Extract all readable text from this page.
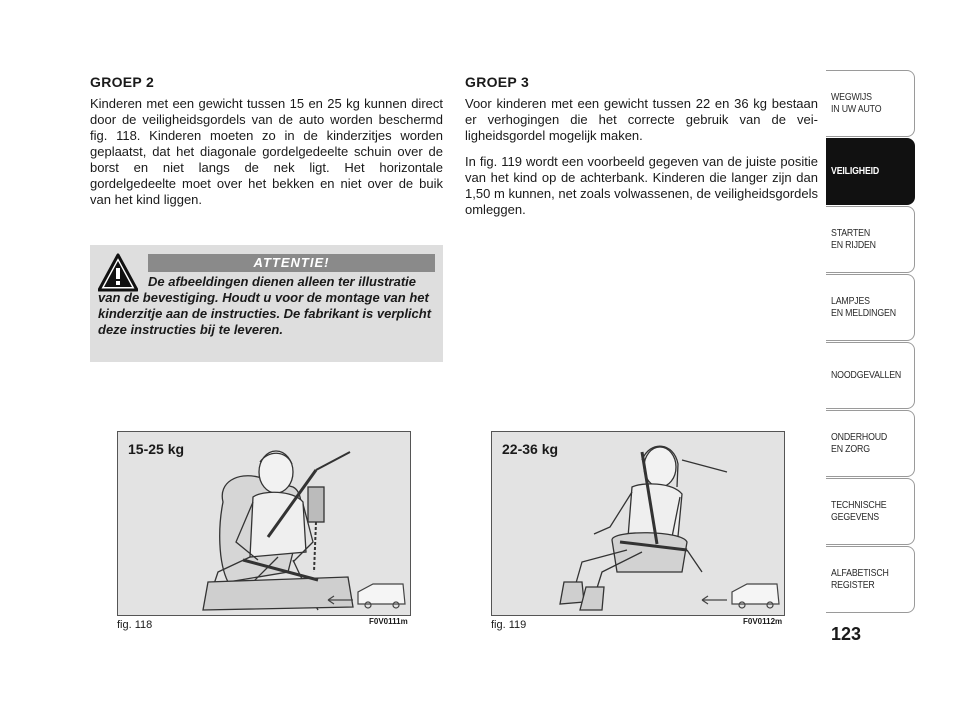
GROEP 2

Kinderen met een gewicht tussen 15 en 25 kg kunnen direct door de veiligheidsgordels van de auto worden beschermd fig. 118. Kinderen moeten zo in de kinderzitjes worden geplaatst, dat het diagonale gordelgedeelte schuin over de borst en niet langs de nek ligt. Het horizontale gordelgedeelte moet over het bekken en niet over de buik van het kind liggen.

GROEP 3

Voor kinderen met een gewicht tussen 22 en 36 kg bestaan er verhogingen die het correcte gebruik van de veiligheidsgordel mogelijk maken.

In fig. 119 wordt een voorbeeld gegeven van de juiste positie van het kind op de achterbank. Kinderen die langer zijn dan 1,50 m kunnen, net zoals volwassenen, de veiligheidsgordels omleggen.

ATTENTIE!

De afbeeldingen dienen alleen ter illustratie van de bevestiging. Houdt u voor de montage van het kinderzitje aan de instructies. De fabrikant is verplicht deze instructies bij te leveren.

15-25 kg
fig. 118	F0V0111m
22-36 kg
fig. 119	F0V0112m
WEGWIJS
IN UW AUTO
VEILIGHEID
STARTEN
EN RIJDEN
LAMPJES
EN MELDINGEN
NOODGEVALLEN
ONDERHOUD
EN ZORG
TECHNISCHE
GEGEVENS
ALFABETISCH
REGISTER
123
